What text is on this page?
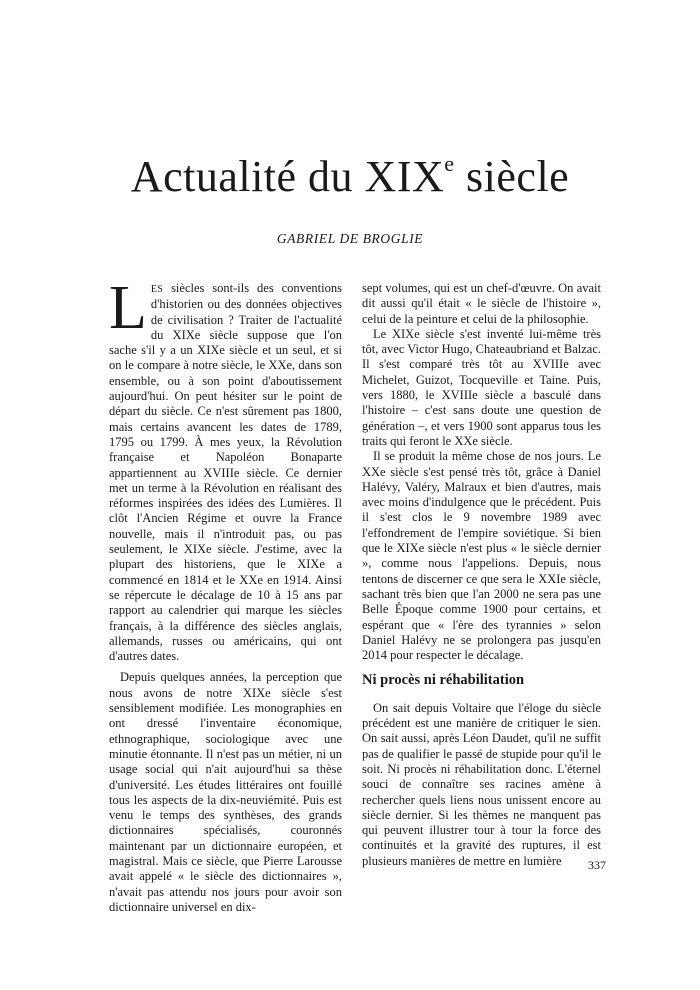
Actualité du XIXe siècle
GABRIEL DE BROGLIE

LES siècles sont-ils des conventions d'historien ou des données objectives de civilisation ? Traiter de l'actualité du XIXe siècle suppose que l'on sache s'il y a un XIXe siècle et un seul, et si on le compare à notre siècle, le XXe, dans son ensemble, ou à son point d'aboutissement aujourd'hui. On peut hésiter sur le point de départ du siècle. Ce n'est sûrement pas 1800, mais certains avancent les dates de 1789, 1795 ou 1799. À mes yeux, la Révolution française et Napoléon Bonaparte appartiennent au XVIIIe siècle. Ce dernier met un terme à la Révolution en réalisant des réformes inspirées des idées des Lumières. Il clôt l'Ancien Régime et ouvre la France nouvelle, mais il n'introduit pas, ou pas seulement, le XIXe siècle. J'estime, avec la plupart des historiens, que le XIXe a commencé en 1814 et le XXe en 1914. Ainsi se répercute le décalage de 10 à 15 ans par rapport au calendrier qui marque les siècles français, à la différence des siècles anglais, allemands, russes ou américains, qui ont d'autres dates.

Depuis quelques années, la perception que nous avons de notre XIXe siècle s'est sensiblement modifiée. Les monographies en ont dressé l'inventaire économique, ethnographique, sociologique avec une minutie étonnante. Il n'est pas un métier, ni un usage social qui n'ait aujourd'hui sa thèse d'université. Les études littéraires ont fouillé tous les aspects de la dix-neuviémité. Puis est venu le temps des synthèses, des grands dictionnaires spécialisés, couronnés maintenant par un dictionnaire européen, et magistral. Mais ce siècle, que Pierre Larousse avait appelé « le siècle des dictionnaires », n'avait pas attendu nos jours pour avoir son dictionnaire universel en dix-

sept volumes, qui est un chef-d'œuvre. On avait dit aussi qu'il était « le siècle de l'histoire », celui de la peinture et celui de la philosophie.

Le XIXe siècle s'est inventé lui-même très tôt, avec Victor Hugo, Chateaubriand et Balzac. Il s'est comparé très tôt au XVIIIe avec Michelet, Guizot, Tocqueville et Taine. Puis, vers 1880, le XVIIIe siècle a basculé dans l'histoire – c'est sans doute une question de génération –, et vers 1900 sont apparus tous les traits qui feront le XXe siècle.

Il se produit la même chose de nos jours. Le XXe siècle s'est pensé très tôt, grâce à Daniel Halévy, Valéry, Malraux et bien d'autres, mais avec moins d'indulgence que le précédent. Puis il s'est clos le 9 novembre 1989 avec l'effondrement de l'empire soviétique. Si bien que le XIXe siècle n'est plus « le siècle dernier », comme nous l'appelions. Depuis, nous tentons de discerner ce que sera le XXIe siècle, sachant très bien que l'an 2000 ne sera pas une Belle Époque comme 1900 pour certains, et espérant que « l'ère des tyrannies » selon Daniel Halévy ne se prolongera pas jusqu'en 2014 pour respecter le décalage.

Ni procès ni réhabilitation

On sait depuis Voltaire que l'éloge du siècle précédent est une manière de critiquer le sien. On sait aussi, après Léon Daudet, qu'il ne suffit pas de qualifier le passé de stupide pour qu'il le soit. Ni procès ni réhabilitation donc. L'éternel souci de connaître ses racines amène à rechercher quels liens nous unissent encore au siècle dernier. Si les thèmes ne manquent pas qui peuvent illustrer tour à tour la force des continuités et la gravité des ruptures, il est plusieurs manières de mettre en lumière	337
